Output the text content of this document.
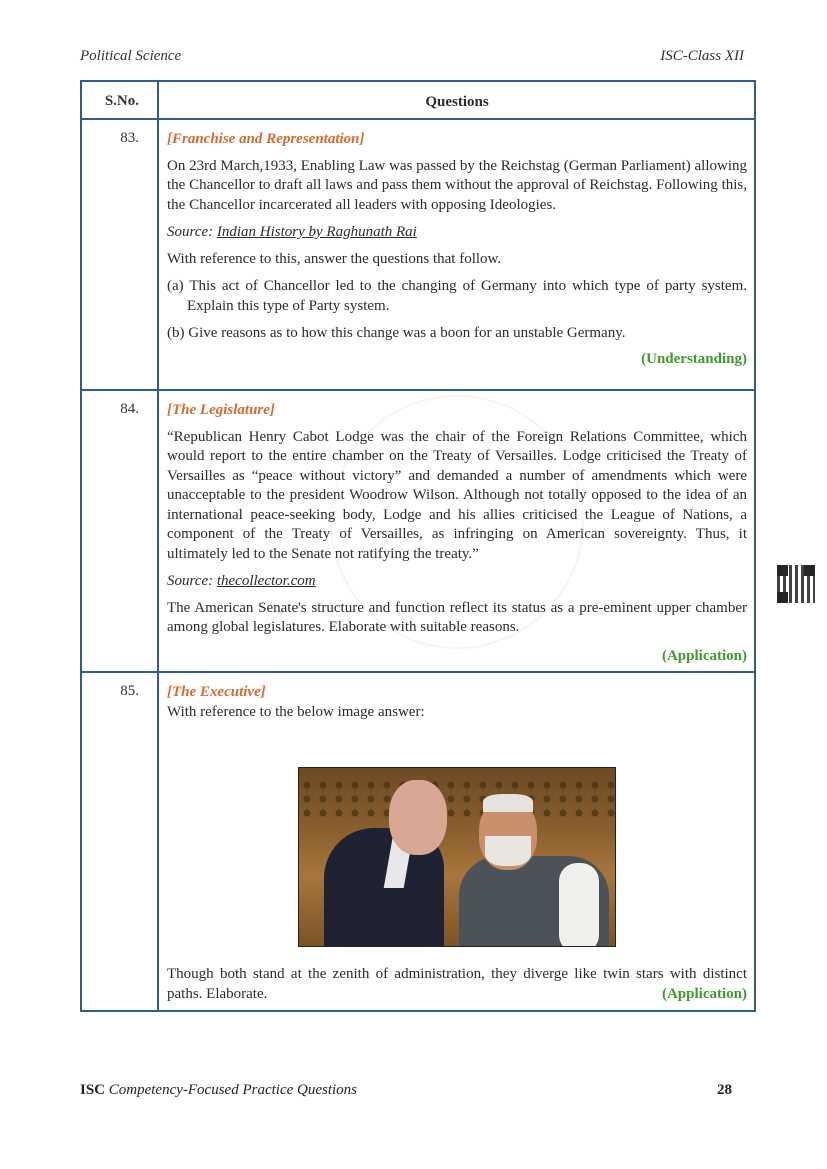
Political Science	ISC-Class XII
S.No.	Questions
83.	[Franchise and Representation]
On 23rd March,1933, Enabling Law was passed by the Reichstag (German Parliament) allowing the Chancellor to draft all laws and pass them without the approval of Reichstag. Following this, the Chancellor incarcerated all leaders with opposing Ideologies.
Source: Indian History by Raghunath Rai
With reference to this, answer the questions that follow.
(a) This act of Chancellor led to the changing of Germany into which type of party system. Explain this type of Party system.
(b) Give reasons as to how this change was a boon for an unstable Germany.
(Understanding)
84.	[The Legislature]
“Republican Henry Cabot Lodge was the chair of the Foreign Relations Committee, which would report to the entire chamber on the Treaty of Versailles. Lodge criticised the Treaty of Versailles as “peace without victory” and demanded a number of amendments which were unacceptable to the president Woodrow Wilson. Although not totally opposed to the idea of an international peace-seeking body, Lodge and his allies criticised the League of Nations, a component of the Treaty of Versailles, as infringing on American sovereignty. Thus, it ultimately led to the Senate not ratifying the treaty.”
Source: thecollector.com
The American Senate's structure and function reflect its status as a pre-eminent upper chamber among global legislatures. Elaborate with suitable reasons.
(Application)
85.	[The Executive]
With reference to the below image answer:
Though both stand at the zenith of administration, they diverge like twin stars with distinct paths. Elaborate.	(Application)
ISC Competency-Focused Practice Questions	28
